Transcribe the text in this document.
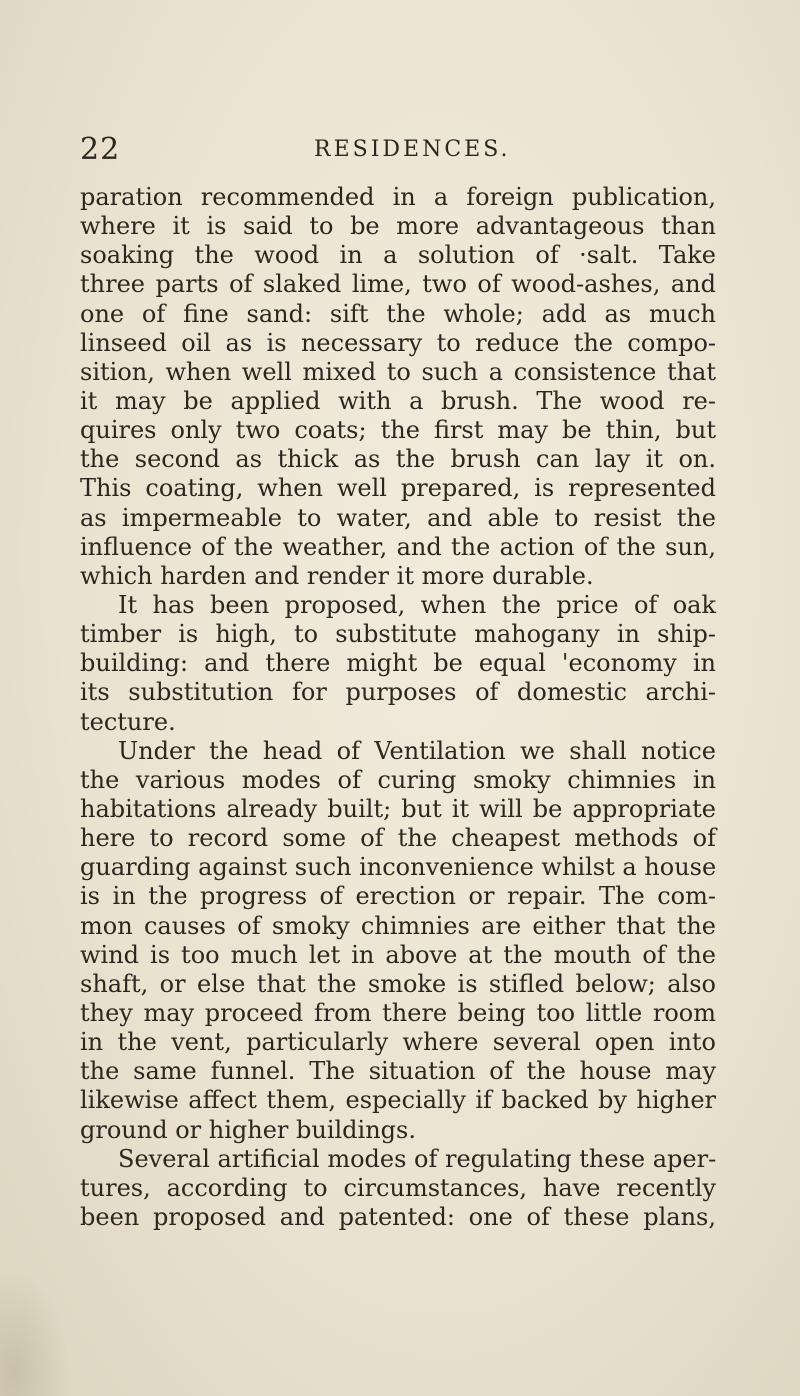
22	RESIDENCES.
paration recommended in a foreign publication,
where it is said to be more advantageous than
soaking the wood in a solution of ·salt. Take
three parts of slaked lime, two of wood-ashes, and
one of fine sand: sift the whole; add as much
linseed oil as is necessary to reduce the compo-
sition, when well mixed to such a consistence that
it may be applied with a brush. The wood re-
quires only two coats; the first may be thin, but
the second as thick as the brush can lay it on.
This coating, when well prepared, is represented
as impermeable to water, and able to resist the
influence of the weather, and the action of the sun,
which harden and render it more durable.
It has been proposed, when the price of oak
timber is high, to substitute mahogany in ship-
building: and there might be equal 'economy in
its substitution for purposes of domestic archi-
tecture.
Under the head of Ventilation we shall notice
the various modes of curing smoky chimnies in
habitations already built; but it will be appropriate
here to record some of the cheapest methods of
guarding against such inconvenience whilst a house
is in the progress of erection or repair. The com-
mon causes of smoky chimnies are either that the
wind is too much let in above at the mouth of the
shaft, or else that the smoke is stifled below; also
they may proceed from there being too little room
in the vent, particularly where several open into
the same funnel. The situation of the house may
likewise affect them, especially if backed by higher
ground or higher buildings.
Several artificial modes of regulating these aper-
tures, according to circumstances, have recently
been proposed and patented: one of these plans,
